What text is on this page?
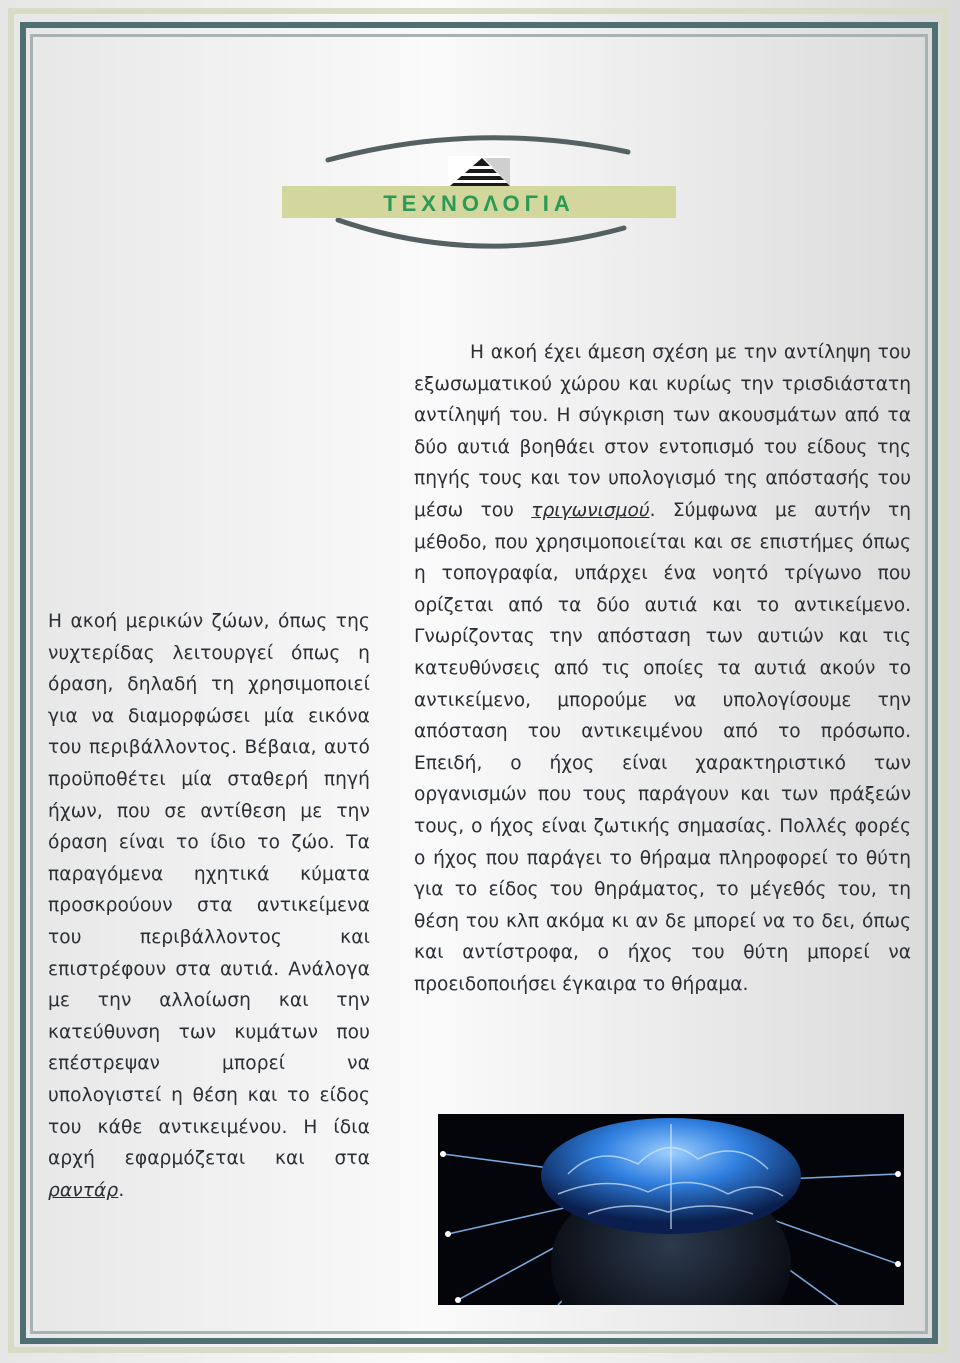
ΤΕΧΝΟΛΟΓΙΑ

Η ακοή μερικών ζώων, όπως της νυχτερίδας λειτουργεί όπως η όραση, δηλαδή τη χρησιμοποιεί για να διαμορφώσει μία εικόνα του περιβάλλοντος. Βέβαια, αυτό προϋποθέτει μία σταθερή πηγή ήχων, που σε αντίθεση με την όραση είναι το ίδιο το ζώο. Τα παραγόμενα ηχητικά κύματα προσκρούουν στα αντικείμενα του περιβάλλοντος και επιστρέφουν στα αυτιά. Ανάλογα με την αλλοίωση και την κατεύθυνση των κυμάτων που επέστρεψαν μπορεί να υπολογιστεί η θέση και το είδος του κάθε αντικειμένου. Η ίδια αρχή εφαρμόζεται και στα ραντάρ.

Η ακοή έχει άμεση σχέση με την αντίληψη του εξωσωματικού χώρου και κυρίως την τρισδιάστατη αντίληψή του. Η σύγκριση των ακουσμάτων από τα δύο αυτιά βοηθάει στον εντοπισμό του είδους της πηγής τους και τον υπολογισμό της απόστασής του μέσω του τριγωνισμού. Σύμφωνα με αυτήν τη μέθοδο, που χρησιμοποιείται και σε επιστήμες όπως η τοπογραφία, υπάρχει ένα νοητό τρίγωνο που ορίζεται από τα δύο αυτιά και το αντικείμενο. Γνωρίζοντας την απόσταση των αυτιών και τις κατευθύνσεις από τις οποίες τα αυτιά ακούν το αντικείμενο, μπορούμε να υπολογίσουμε την απόσταση του αντικειμένου από το πρόσωπο. Επειδή, ο ήχος είναι χαρακτηριστικό των οργανισμών που τους παράγουν και των πράξεών τους, ο ήχος είναι ζωτικής σημασίας. Πολλές φορές ο ήχος που παράγει το θήραμα πληροφορεί το θύτη για το είδος του θηράματος, το μέγεθός του, τη θέση του κλπ ακόμα κι αν δε μπορεί να το δει, όπως και αντίστροφα, ο ήχος του θύτη μπορεί να προειδοποιήσει έγκαιρα το θήραμα.
